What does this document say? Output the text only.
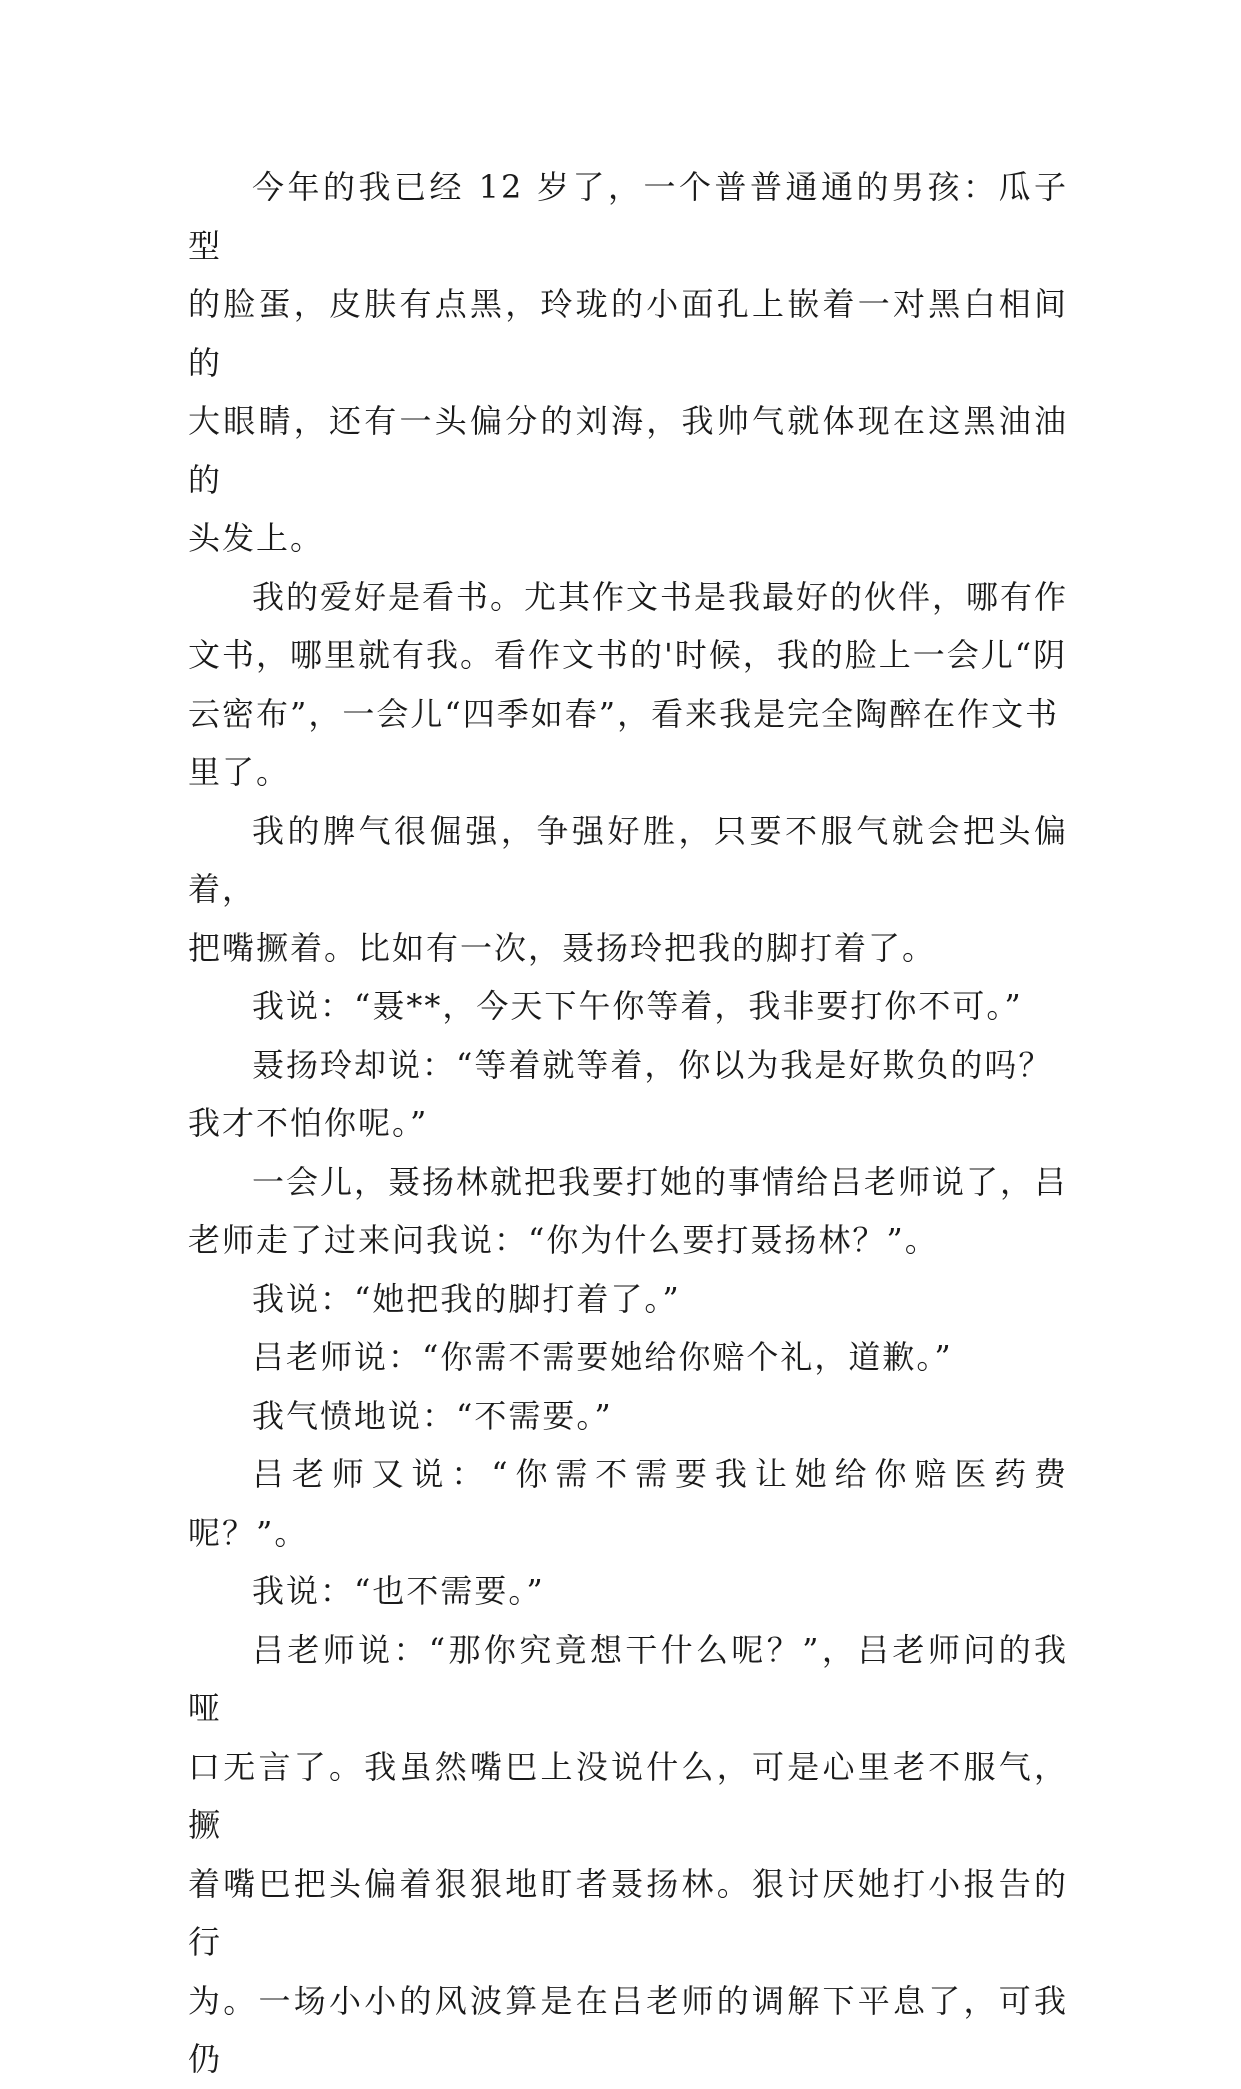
今年的我已经 12 岁了，一个普普通通的男孩：瓜子型
的脸蛋，皮肤有点黑，玲珑的小面孔上嵌着一对黑白相间的
大眼睛，还有一头偏分的刘海，我帅气就体现在这黑油油的
头发上。

我的爱好是看书。尤其作文书是我最好的伙伴，哪有作
文书，哪里就有我。看作文书的'时候，我的脸上一会儿“阴
云密布”，一会儿“四季如春”，看来我是完全陶醉在作文书
里了。

我的脾气很倔强，争强好胜，只要不服气就会把头偏着，
把嘴撅着。比如有一次，聂扬玲把我的脚打着了。

我说：“聂**，今天下午你等着，我非要打你不可。”

聂扬玲却说：“等着就等着，你以为我是好欺负的吗？
我才不怕你呢。”

一会儿，聂扬林就把我要打她的事情给吕老师说了，吕
老师走了过来问我说：“你为什么要打聂扬林？”。

我说：“她把我的脚打着了。”

吕老师说：“你需不需要她给你赔个礼，道歉。”

我气愤地说：“不需要。”

吕老师又说：“你需不需要我让她给你赔医药费呢？”。

我说：“也不需要。”

吕老师说：“那你究竟想干什么呢？”，吕老师问的我哑
口无言了。我虽然嘴巴上没说什么，可是心里老不服气，撅
着嘴巴把头偏着狠狠地盯者聂扬林。狠讨厌她打小报告的行
为。一场小小的风波算是在吕老师的调解下平息了，可我仍
